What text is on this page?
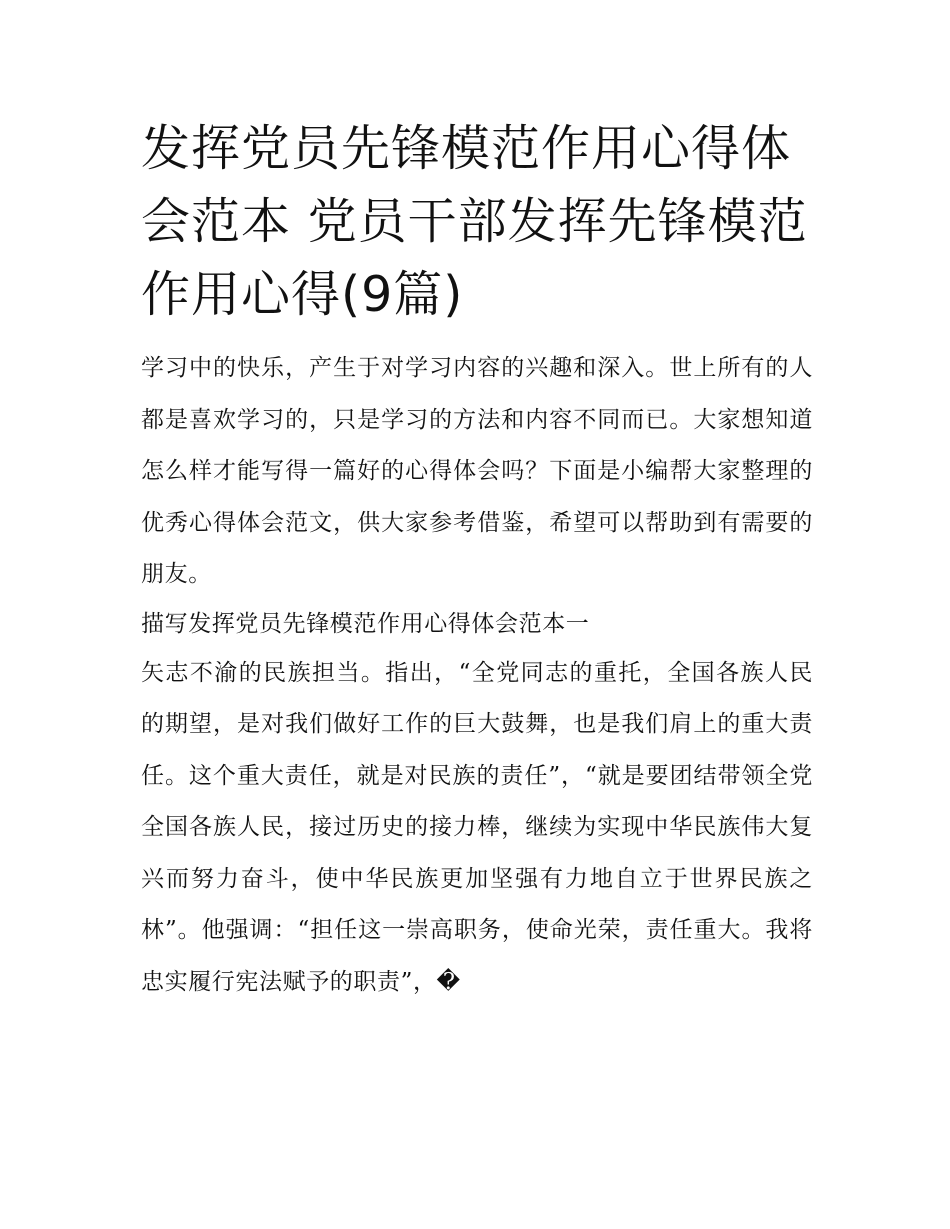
发挥党员先锋模范作用心得体会范本 党员干部发挥先锋模范作用心得(9篇)

学习中的快乐，产生于对学习内容的兴趣和深入。世上所有的人都是喜欢学习的，只是学习的方法和内容不同而已。大家想知道怎么样才能写得一篇好的心得体会吗？下面是小编帮大家整理的优秀心得体会范文，供大家参考借鉴，希望可以帮助到有需要的朋友。

描写发挥党员先锋模范作用心得体会范本一

矢志不渝的民族担当。指出，“全党同志的重托，全国各族人民的期望，是对我们做好工作的巨大鼓舞，也是我们肩上的重大责任。这个重大责任，就是对民族的责任”，“就是要团结带领全党全国各族人民，接过历史的接力棒，继续为实现中华民族伟大复兴而努力奋斗，使中华民族更加坚强有力地自立于世界民族之林”。他强调：“担任这一崇高职务，使命光荣，责任重大。我将忠实履行宪法赋予的职责”，�
